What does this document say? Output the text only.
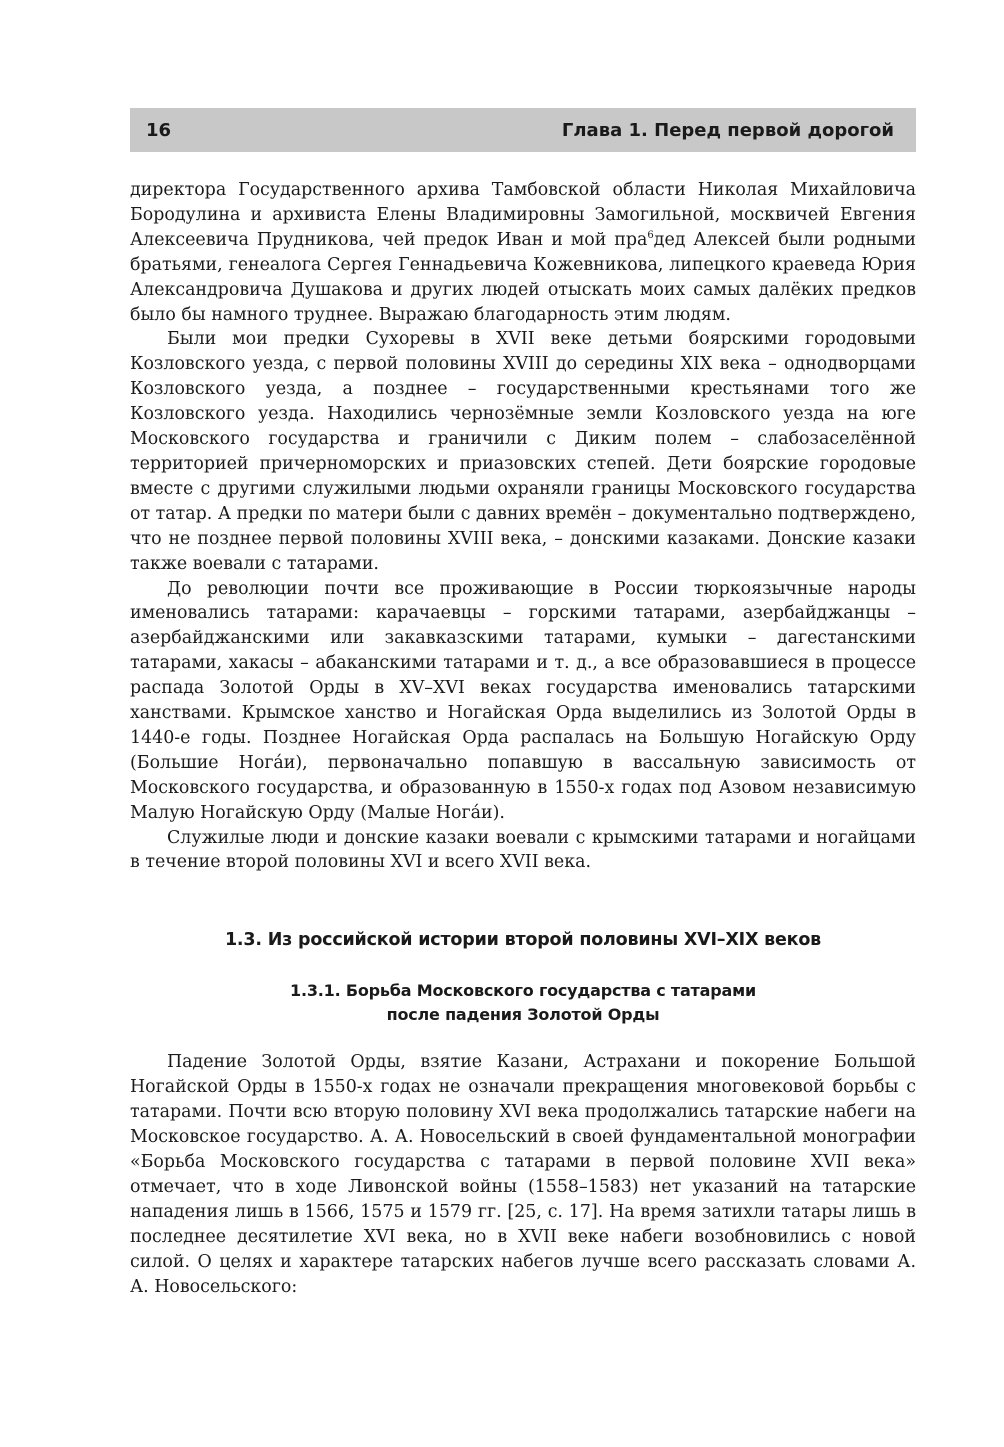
16	Глава 1. Перед первой дорогой

директора Государственного архива Тамбовской области Николая Михайловича Бородулина и архивиста Елены Владимировны Замогильной, москвичей Евгения Алексеевича Прудникова, чей предок Иван и мой пра$^6$дед Алексей были родными братьями, генеалога Сергея Геннадьевича Кожевникова, липецкого краеведа Юрия Александровича Душакова и других людей отыскать моих самых далёких предков было бы намного труднее. Выражаю благодарность этим людям.

Были мои предки Сухоревы в XVII веке детьми боярскими городовыми Козловского уезда, с первой половины XVIII до середины XIX века – однодворцами Козловского уезда, а позднее – государственными крестьянами того же Козловского уезда. Находились чернозёмные земли Козловского уезда на юге Московского государства и граничили с Диким полем – слабозаселённой территорией причерноморских и приазовских степей. Дети боярские городовые вместе с другими служилыми людьми охраняли границы Московского государства от татар. А предки по матери были с давних времён – документально подтверждено, что не позднее первой половины XVIII века, – донскими казаками. Донские казаки также воевали с татарами.

До революции почти все проживающие в России тюркоязычные народы именовались татарами: карачаевцы – горскими татарами, азербайджанцы – азербайджанскими или закавказскими татарами, кумыки – дагестанскими татарами, хакасы – абаканскими татарами и т. д., а все образовавшиеся в процессе распада Золотой Орды в XV–XVI веках государства именовались татарскими ханствами. Крымское ханство и Ногайская Орда выделились из Золотой Орды в 1440-е годы. Позднее Ногайская Орда распалась на Большую Ногайскую Орду (Большие Ногáи), первоначально попавшую в вассальную зависимость от Московского государства, и образованную в 1550-х годах под Азовом независимую Малую Ногайскую Орду (Малые Ногáи).

Служилые люди и донские казаки воевали с крымскими татарами и ногайцами в течение второй половины XVI и всего XVII века.

1.3. Из российской истории второй половины XVI–XIX веков
1.3.1. Борьба Московского государства с татарами
после падения Золотой Орды

Падение Золотой Орды, взятие Казани, Астрахани и покорение Большой Ногайской Орды в 1550-х годах не означали прекращения многовековой борьбы с татарами. Почти всю вторую половину XVI века продолжались татарские набеги на Московское государство. А. А. Новосельский в своей фундаментальной монографии «Борьба Московского государства с татарами в первой половине XVII века» отмечает, что в ходе Ливонской войны (1558–1583) нет указаний на татарские нападения лишь в 1566, 1575 и 1579 гг. [25, с. 17]. На время затихли татары лишь в последнее десятилетие XVI века, но в XVII веке набеги возобновились с новой силой. О целях и характере татарских набегов лучше всего рассказать словами А. А. Новосельского:
